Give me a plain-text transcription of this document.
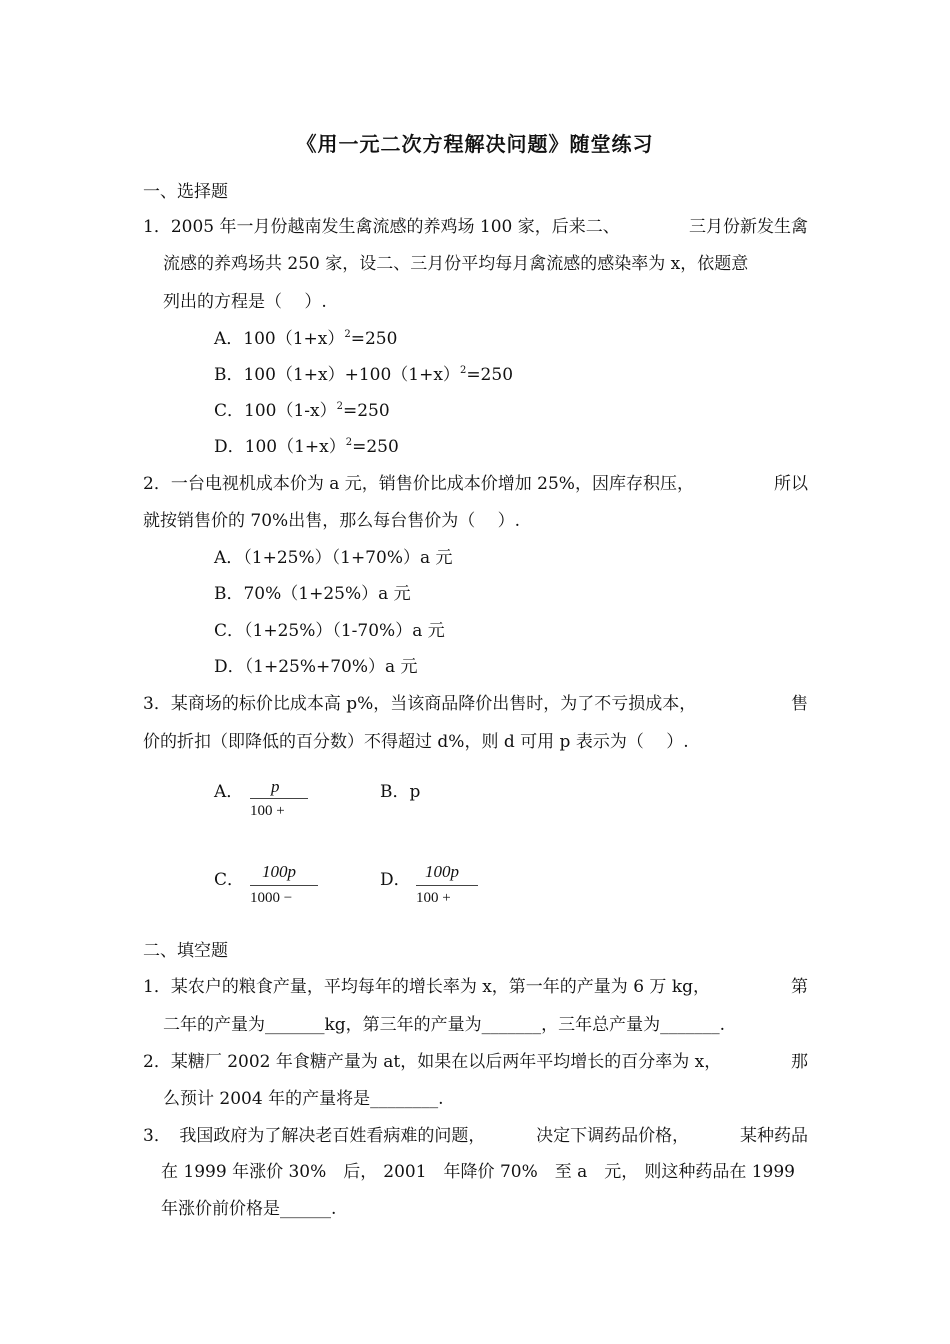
《用一元二次方程解决问题》随堂练习
一、选择题
1．2005 年一月份越南发生禽流感的养鸡场 100 家，后来二、	三月份新发生禽
流感的养鸡场共 250 家，设二、三月份平均每月禽流感的感染率为 x，依题意
列出的方程是（　 ）.
A．$100(1+x)^2=250$
B．$100(1+x)+100(1+x)^2=250$
C．$100(1-x)^2=250$
D．$100(1+x)^2=250$
2．一台电视机成本价为 a 元，销售价比成本价增加 25%，因库存积压，	所以
就按销售价的 70%出售，那么每台售价为（　 ）.
A．（1+25%）（1+70%）a 元
B．70%（1+25%）a 元
C．（1+25%）（1-70%）a 元
D．（1+25%+70%）a 元
3．某商场的标价比成本高 p%，当该商品降价出售时，为了不亏损成本，	售
价的折扣（即降低的百分数）不得超过 d%，则 d 可用 p 表示为（　 ）.
A． p
100 +
B．p
C． 100p
1000 −
D． 100p
100 +
二、填空题
1．某农户的粮食产量，平均每年的增长率为 x，第一年的产量为 6 万 kg，	第
二年的产量为_______kg，第三年的产量为_______，三年总产量为_______.
2．某糖厂 2002 年食糖产量为 at，如果在以后两年平均增长的百分率为 x，	那
么预计 2004 年的产量将是________.
3．　我国政府为了解决老百姓看病难的问题，	决定下调药品价格，	某种药品
在 1999 年涨价 30%　后， 2001　年降价 70%　至 a　元， 则这种药品在 1999
年涨价前价格是______.
